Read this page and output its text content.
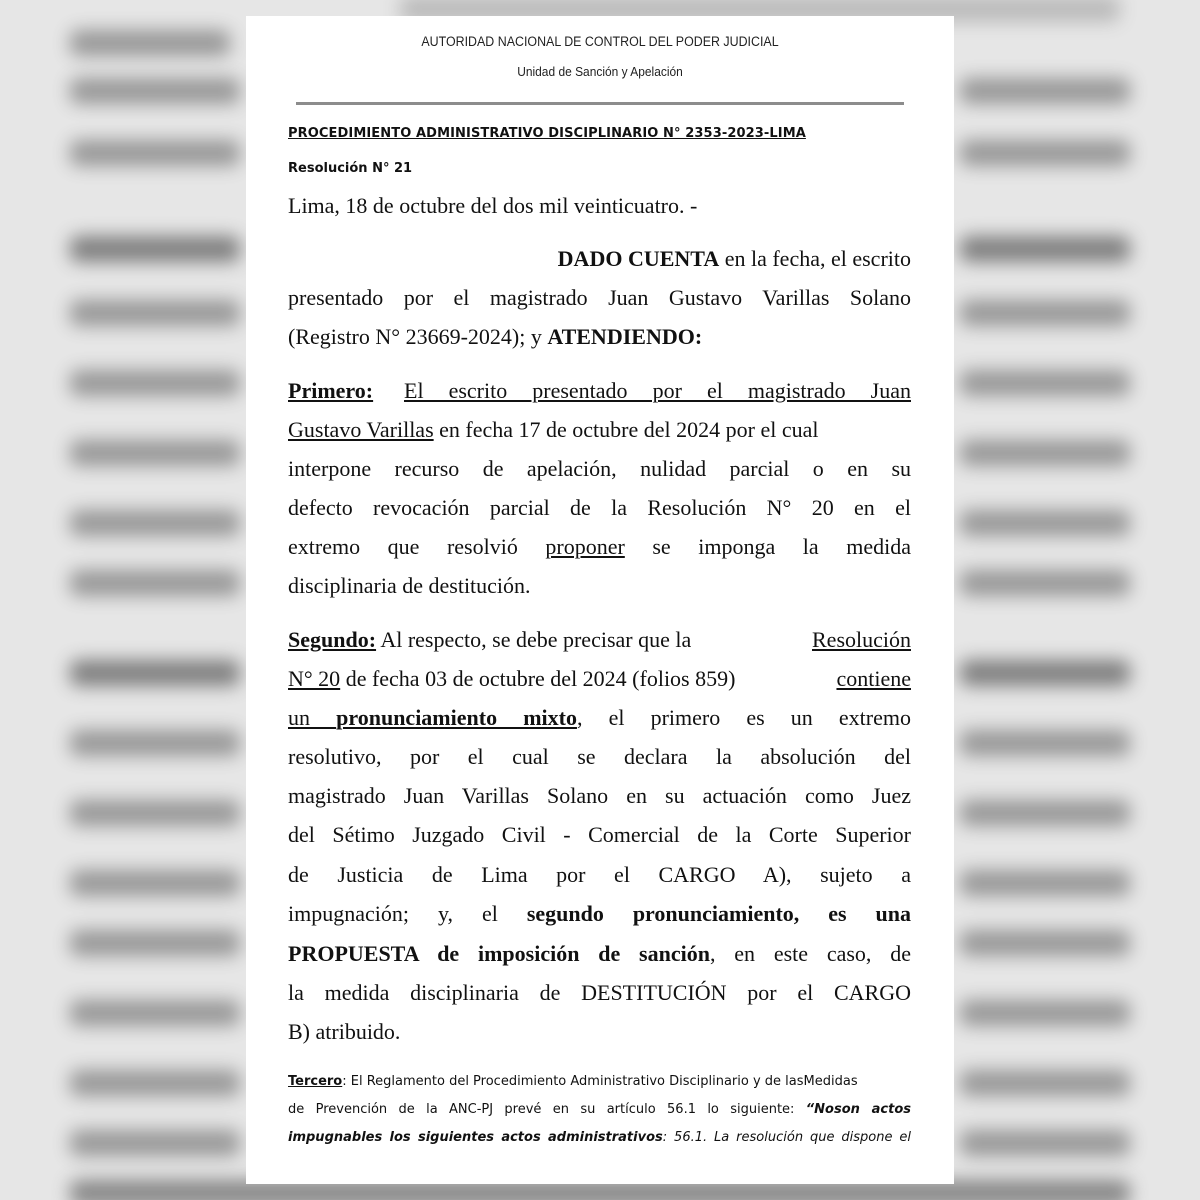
AUTORIDAD NACIONAL DE CONTROL DEL PODER JUDICIAL
Unidad de Sanción y Apelación
PROCEDIMIENTO ADMINISTRATIVO DISCIPLINARIO N° 2353-2023-LIMA
Resolución N° 21
Lima, 18 de octubre del dos mil veinticuatro. -
DADO CUENTA en la fecha, el escrito
presentado por el magistrado Juan Gustavo Varillas Solano
(Registro N° 23669-2024); y ATENDIENDO:
Primero: El escrito presentado por el magistrado Juan
Gustavo Varillas en fecha 17 de octubre del 2024 por el cual
interpone recurso de apelación, nulidad parcial o en su
defecto revocación parcial de la Resolución N° 20 en el
extremo que resolvió proponer se imponga la medida
disciplinaria de destitución.
Segundo: Al respecto, se debe precisar que la	Resolución
N° 20 de fecha 03 de octubre del 2024 (folios 859)	contiene
un pronunciamiento mixto, el primero es un extremo
resolutivo, por el cual se declara la absolución del
magistrado Juan Varillas Solano en su actuación como Juez
del Sétimo Juzgado Civil - Comercial de la Corte Superior
de Justicia de Lima por el CARGO A), sujeto a
impugnación; y, el segundo pronunciamiento, es una
PROPUESTA de imposición de sanción, en este caso, de
la medida disciplinaria de DESTITUCIÓN por el CARGO
B) atribuido.
Tercero: El Reglamento del Procedimiento Administrativo Disciplinario y de lasMedidas
de Prevención de la ANC-PJ prevé en su artículo 56.1 lo siguiente: “Noson actos
impugnables los siguientes actos administrativos: 56.1. La resolución que dispone el
